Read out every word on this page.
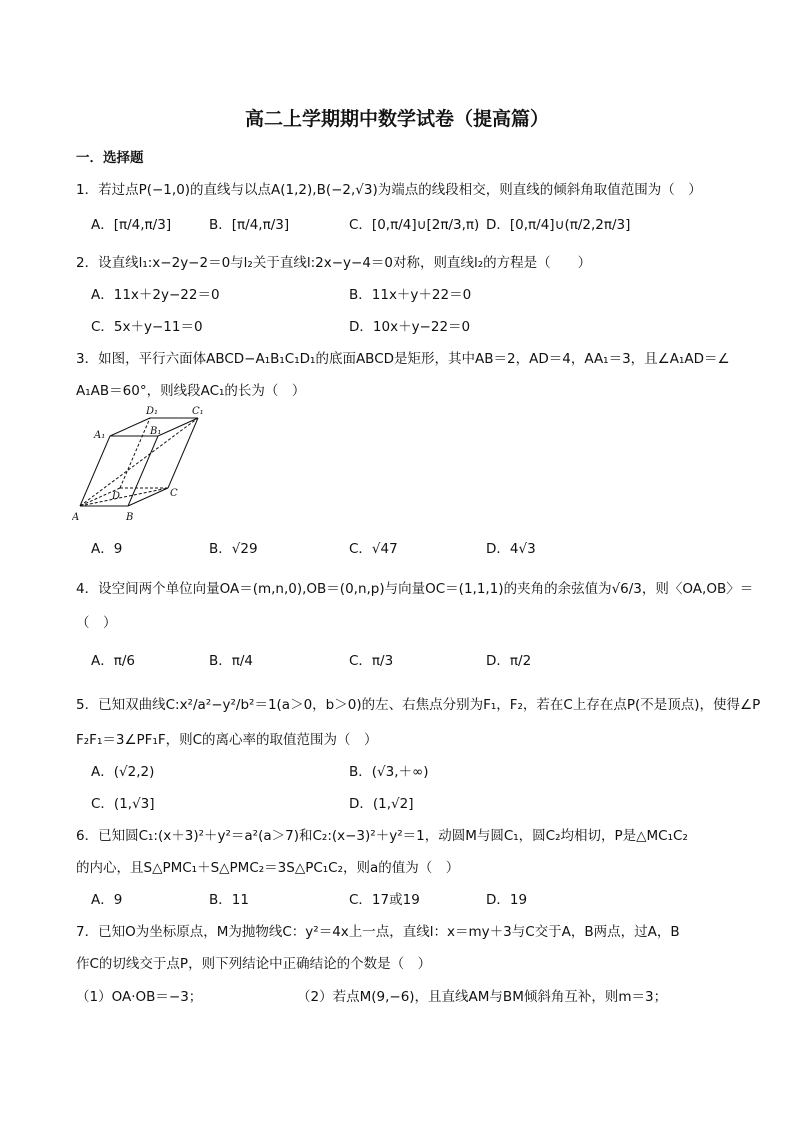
高二上学期期中数学试卷（提高篇）
一．选择题
1．若过点P(−1,0)的直线与以点A(1,2),B(−2,√3)为端点的线段相交，则直线的倾斜角取值范围为（　）
A．[π/4,π/3]	B．[π/4,π/3]	C．[0,π/4]∪[2π/3,π) D．[0,π/4]∪(π/2,2π/3]
2．设直线l₁:x−2y−2＝0与l₂关于直线l:2x−y−4＝0对称，则直线l₂的方程是（　　）
A．11x＋2y−22＝0	B．11x＋y＋22＝0
C．5x＋y−11＝0	D．10x＋y−22＝0
3．如图，平行六面体ABCD−A₁B₁C₁D₁的底面ABCD是矩形，其中AB＝2，AD＝4，AA₁＝3，且∠A₁AD＝∠
A₁AB＝60°，则线段AC₁的长为（　）
D₁	C₁
A₁	B₁
D	C
A	B
A．9	B．√29	C．√47	D．4√3
4．设空间两个单位向量OA＝(m,n,0),OB＝(0,n,p)与向量OC＝(1,1,1)的夹角的余弦值为√6/3，则〈OA,OB〉＝
（　）
A．π/6	B．π/4	C．π/3	D．π/2
5．已知双曲线C:x²/a²−y²/b²＝1(a＞0，b＞0)的左、右焦点分别为F₁，F₂，若在C上存在点P(不是顶点)，使得∠P
F₂F₁＝3∠PF₁F，则C的离心率的取值范围为（　）
A．(√2,2)	B．(√3,＋∞)
C．(1,√3]	D．(1,√2]
6．已知圆C₁:(x＋3)²＋y²＝a²(a＞7)和C₂:(x−3)²＋y²＝1，动圆M与圆C₁，圆C₂均相切，P是△MC₁C₂
的内心，且S△PMC₁＋S△PMC₂＝3S△PC₁C₂，则a的值为（　）
A．9	B．11	C．17或19	D．19
7．已知O为坐标原点，M为抛物线C：y²＝4x上一点，直线l：x＝my＋3与C交于A，B两点，过A，B
作C的切线交于点P，则下列结论中正确结论的个数是（　）
（1）OA·OB＝−3；	（2）若点M(9,−6)，且直线AM与BM倾斜角互补，则m＝3；
